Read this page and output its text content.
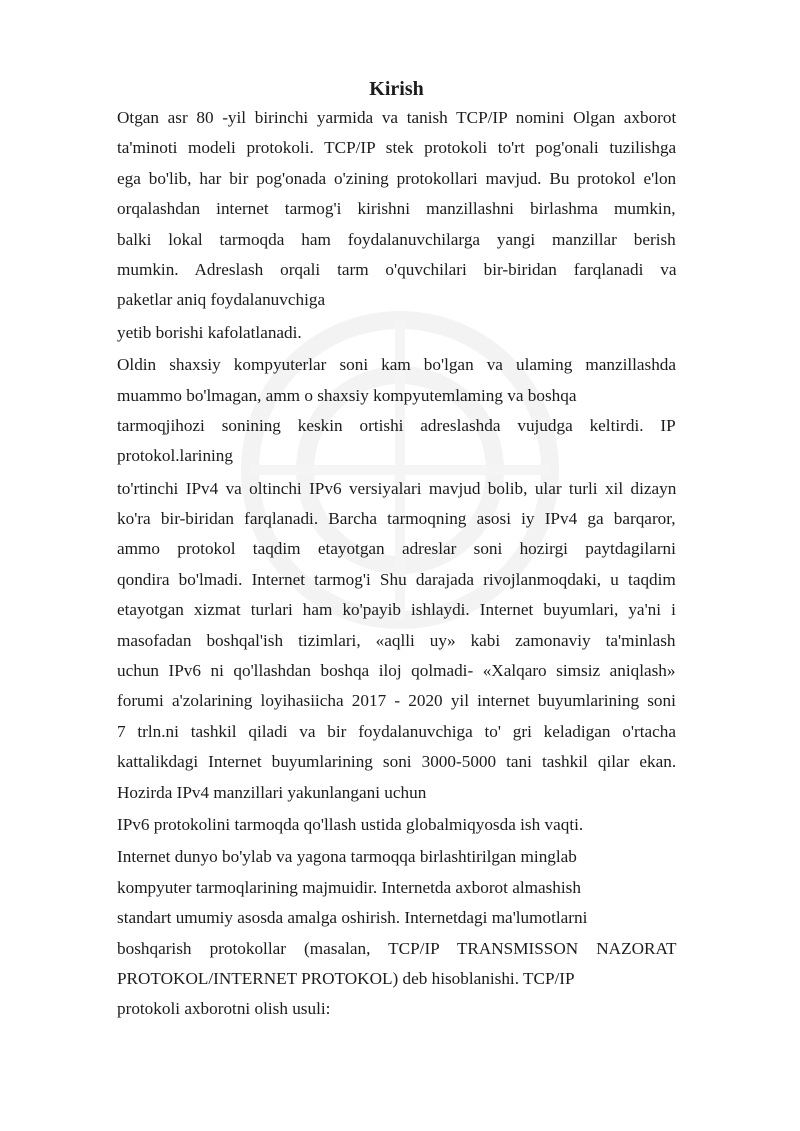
Kirish
Otgan asr 80 -yil birinchi yarmida va tanish TCP/IP nomini Olgan axborot
ta'minoti modeli protokoli. TCP/IP stek protokoli to'rt pog'onali tuzilishga
ega bo'lib, har bir pog'onada o'zining protokollari mavjud. Bu protokol e'lon
orqalashdan internet tarmog'i kirishni manzillashni birlashma mumkin,
balki lokal tarmoqda ham foydalanuvchilarga yangi manzillar berish
mumkin. Adreslash orqali tarm o'quvchilari bir-biridan farqlanadi va
paketlar aniq foydalanuvchiga
yetib borishi kafolatlanadi.
Oldin shaxsiy kompyuterlar soni kam bo'lgan va ulaming manzillashda
muammo bo'lmagan, amm o shaxsiy kompyutemlaming va boshqa
tarmoqjihozi sonining keskin ortishi adreslashda vujudga keltirdi. IP
protokol.larining
to'rtinchi IPv4 va oltinchi IPv6 versiyalari mavjud bolib, ular turli xil dizayn
ko'ra bir-biridan farqlanadi. Barcha tarmoqning asosi iy IPv4 ga barqaror,
ammo protokol taqdim etayotgan adreslar soni hozirgi paytdagilarni
qondira bo'lmadi. Internet tarmog'i Shu darajada rivojlanmoqdaki, u taqdim
etayotgan xizmat turlari ham ko'payib ishlaydi. Internet buyumlari, ya'ni i
masofadan boshqal'ish tizimlari, «aqlli uy» kabi zamonaviy ta'minlash
uchun IPv6 ni qo'llashdan boshqa iloj qolmadi- «Xalqaro simsiz aniqlash»
forumi a'zolarining loyihasiicha 2017 - 2020 yil internet buyumlarining soni
7 trln.ni tashkil qiladi va bir foydalanuvchiga to' gri keladigan o'rtacha
kattalikdagi Internet buyumlarining soni 3000-5000 tani tashkil qilar ekan.
Hozirda IPv4 manzillari yakunlangani uchun
IPv6 protokolini tarmoqda qo'llash ustida globalmiqyosda ish vaqti.
Internet dunyo bo'ylab va yagona tarmoqqa birlashtirilgan minglab
kompyuter tarmoqlarining majmuidir. Internetda axborot almashish
standart umumiy asosda amalga oshirish. Internetdagi ma'lumotlarni
boshqarish protokollar (masalan, TCP/IP TRANSMISSON NAZORAT
PROTOKOL/INTERNET PROTOKOL) deb hisoblanishi. TCP/IP
protokoli axborotni olish usuli:
